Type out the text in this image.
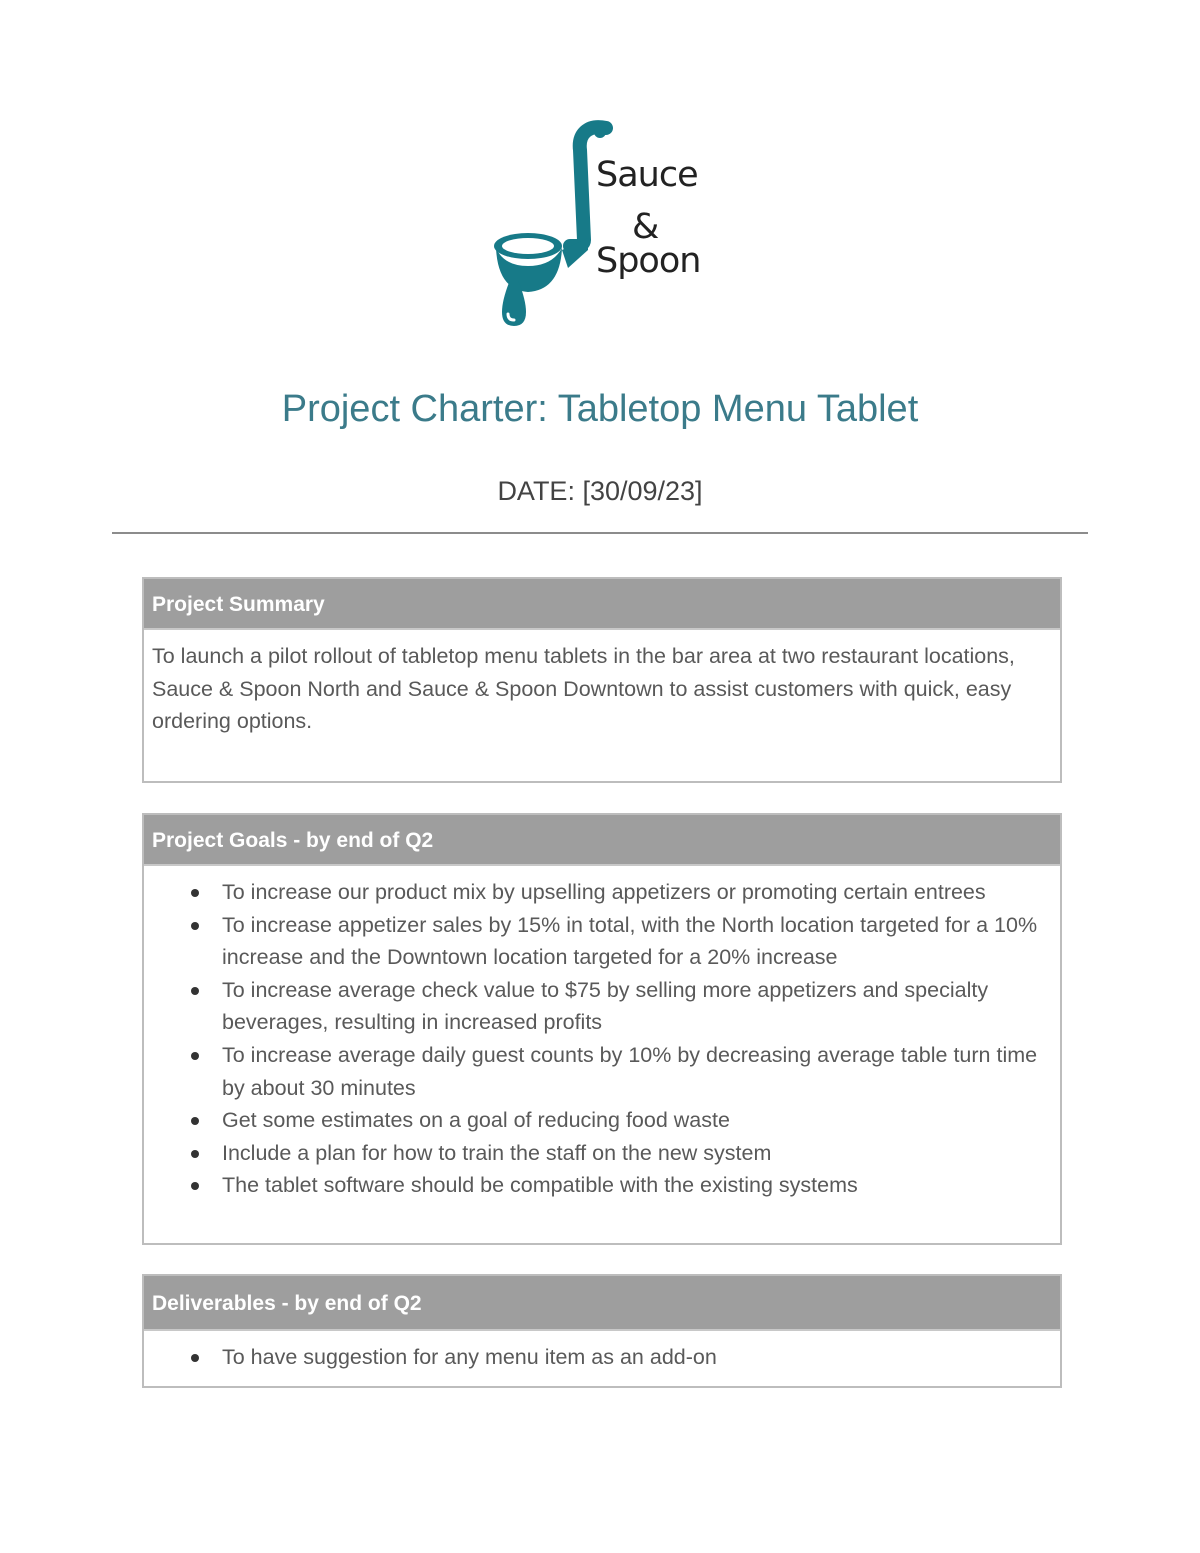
Sauce
&
Spoon
Project Charter: Tabletop Menu Tablet
DATE: [30/09/23]
Project Summary
To launch a pilot rollout of tabletop menu tablets in the bar area at two restaurant locations, Sauce & Spoon North and Sauce & Spoon Downtown to assist customers with quick, easy ordering options.
Project Goals - by end of Q2
To increase our product mix by upselling appetizers or promoting certain entrees
To increase appetizer sales by 15% in total, with the North location targeted for a 10% increase and the Downtown location targeted for a 20% increase
To increase average check value to $75 by selling more appetizers and specialty beverages, resulting in increased profits
To increase average daily guest counts by 10% by decreasing average table turn time by about 30 minutes
Get some estimates on a goal of reducing food waste
Include a plan for how to train the staff on the new system
The tablet software should be compatible with the existing systems
Deliverables - by end of Q2
To have suggestion for any menu item as an add-on
